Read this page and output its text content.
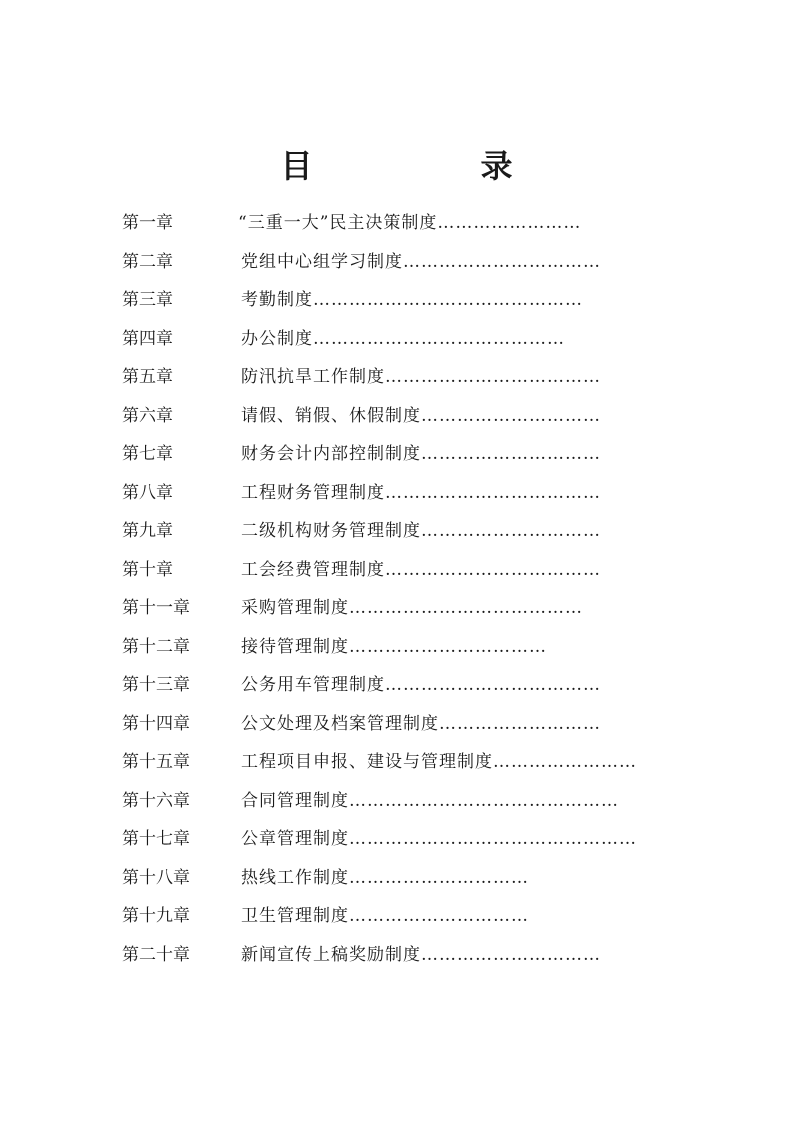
目　录
第一章	“三重一大”民主决策制度……………………
第二章	党组中心组学习制度……………………………
第三章	考勤制度………………………………………
第四章	办公制度……………………………………
第五章	防汛抗旱工作制度………………………………
第六章	请假、销假、休假制度…………………………
第七章	财务会计内部控制制度…………………………
第八章	工程财务管理制度………………………………
第九章	二级机构财务管理制度…………………………
第十章	工会经费管理制度………………………………
第十一章	采购管理制度…………………………………
第十二章	接待管理制度……………………………
第十三章	公务用车管理制度………………………………
第十四章	公文处理及档案管理制度………………………
第十五章	工程项目申报、建设与管理制度……………………
第十六章	合同管理制度………………………………………
第十七章	公章管理制度…………………………………………
第十八章	热线工作制度…………………………
第十九章	卫生管理制度…………………………
第二十章	新闻宣传上稿奖励制度…………………………
